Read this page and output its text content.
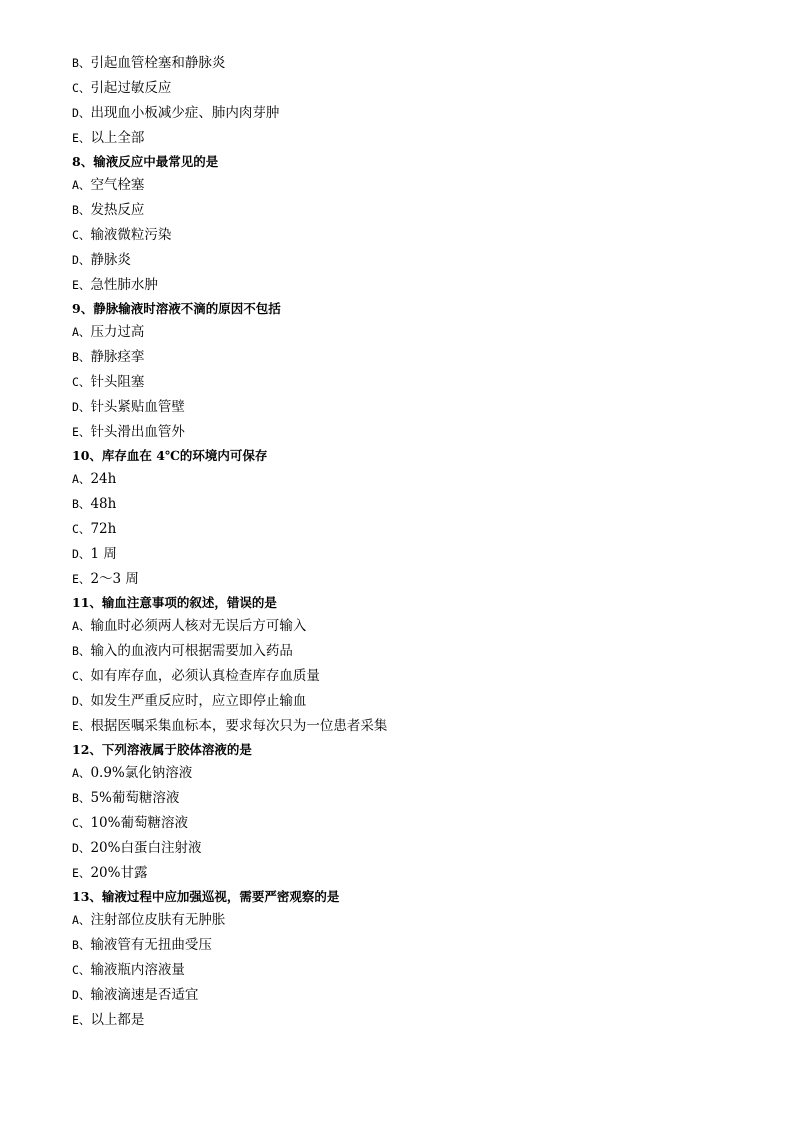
B、引起血管栓塞和静脉炎
C、引起过敏反应
D、出现血小板减少症、肺内肉芽肿
E、以上全部
8、输液反应中最常见的是
A、空气栓塞
B、发热反应
C、输液微粒污染
D、静脉炎
E、急性肺水肿
9、静脉输液时溶液不滴的原因不包括
A、压力过高
B、静脉痉挛
C、针头阻塞
D、针头紧贴血管壁
E、针头滑出血管外
10、库存血在 4℃的环境内可保存
A、24h
B、48h
C、72h
D、1 周
E、2～3 周
11、输血注意事项的叙述，错误的是
A、输血时必须两人核对无误后方可输入
B、输入的血液内可根据需要加入药品
C、如有库存血，必须认真检查库存血质量
D、如发生严重反应时，应立即停止输血
E、根据医嘱采集血标本，要求每次只为一位患者采集
12、下列溶液属于胶体溶液的是
A、0.9%氯化钠溶液
B、5%葡萄糖溶液
C、10%葡萄糖溶液
D、20%白蛋白注射液
E、20%甘露
13、输液过程中应加强巡视，需要严密观察的是
A、注射部位皮肤有无肿胀
B、输液管有无扭曲受压
C、输液瓶内溶液量
D、输液滴速是否适宜
E、以上都是
